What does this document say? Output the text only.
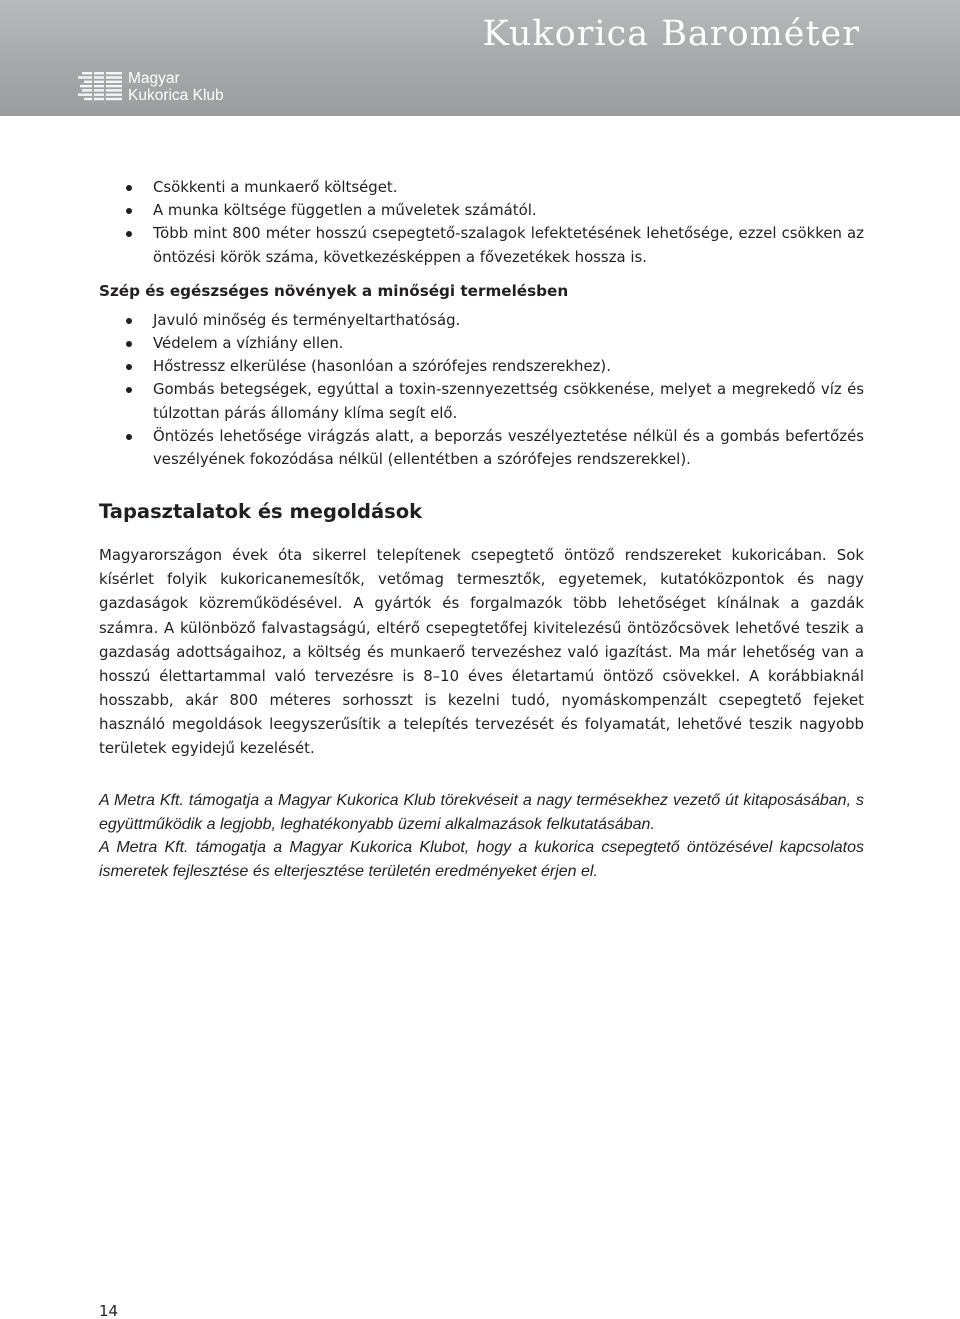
Magyar
Kukorica Klub
Kukorica Barométer
Csökkenti a munkaerő költséget.
A munka költsége független a műveletek számától.
Több mint 800 méter hosszú csepegtető-szalagok lefektetésének lehetősége, ezzel csökken az öntözési körök száma, következésképpen a fővezetékek hossza is.
Szép és egészséges növények a minőségi termelésben
Javuló minőség és terményeltarthatóság.
Védelem a vízhiány ellen.
Hőstressz elkerülése (hasonlóan a szórófejes rendszerekhez).
Gombás betegségek, egyúttal a toxin-szennyezettség csökkenése, melyet a megrekedő víz és túlzottan párás állomány klíma segít elő.
Öntözés lehetősége virágzás alatt, a beporzás veszélyeztetése nélkül és a gombás befertőzés veszélyének fokozódása nélkül (ellentétben a szórófejes rendszerekkel).
Tapasztalatok és megoldások

Magyarországon évek óta sikerrel telepítenek csepegtető öntöző rendszereket kukoricában. Sok kísérlet folyik kukoricanemesítők, vetőmag termesztők, egyetemek, kutatóközpontok és nagy gazdaságok közreműködésével. A gyártók és forgalmazók több lehetőséget kínálnak a gazdák számra. A különböző falvastagságú, eltérő csepegtetőfej kivitelezésű öntözőcsövek lehetővé teszik a gazdaság adottságaihoz, a költség és munkaerő tervezéshez való igazítást. Ma már lehetőség van a hosszú élettartammal való tervezésre is 8–10 éves életartamú öntöző csövekkel. A korábbiaknál hosszabb, akár 800 méteres sorhosszt is kezelni tudó, nyomáskompenzált csepegtető fejeket használó megoldások leegyszerűsítik a telepítés tervezését és folyamatát, lehetővé teszik nagyobb területek egyidejű kezelését.

A Metra Kft. támogatja a Magyar Kukorica Klub törekvéseit a nagy termésekhez vezető út kitaposásában, s együttműködik a legjobb, leghatékonyabb üzemi alkalmazások felkutatásában.

A Metra Kft. támogatja a Magyar Kukorica Klubot, hogy a kukorica csepegtető öntözésével kapcsolatos ismeretek fejlesztése és elterjesztése területén eredményeket érjen el.

14
